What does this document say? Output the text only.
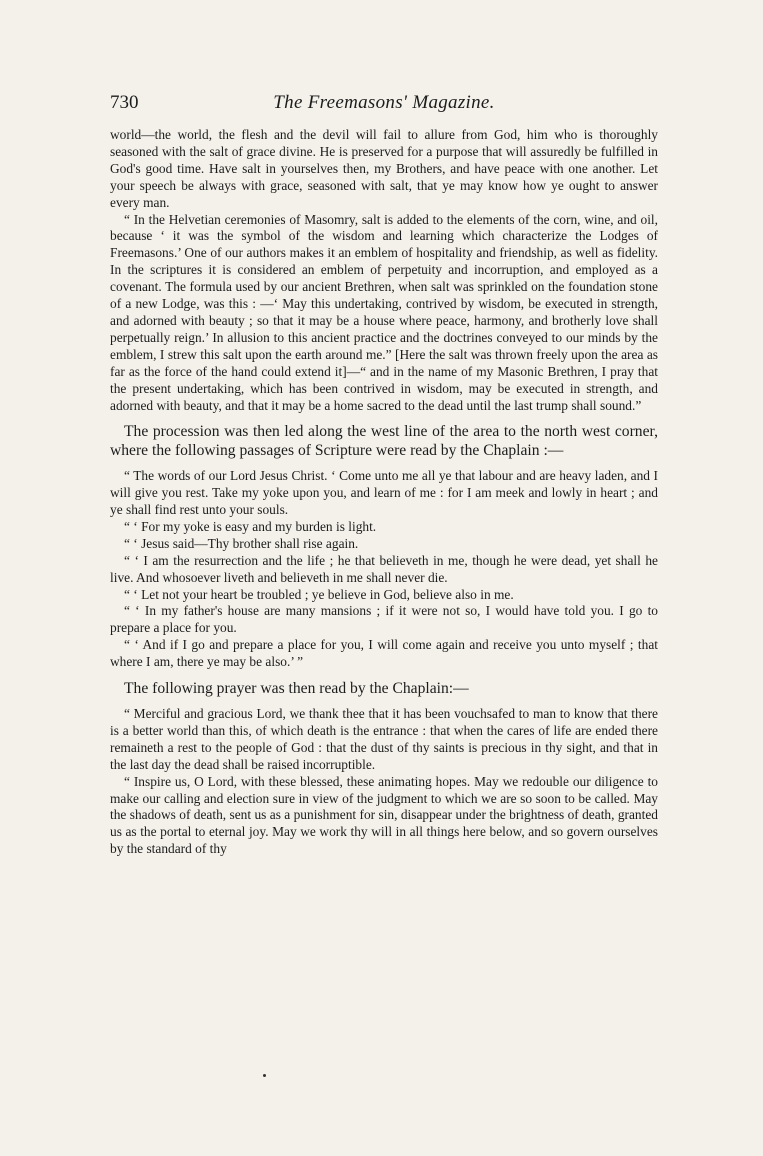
730	The Freemasons' Magazine.

world—the world, the flesh and the devil will fail to allure from God, him who is thoroughly seasoned with the salt of grace divine. He is preserved for a purpose that will assuredly be fulfilled in God's good time. Have salt in yourselves then, my Brothers, and have peace with one another. Let your speech be always with grace, seasoned with salt, that ye may know how ye ought to answer every man.

“ In the Helvetian ceremonies of Masomry, salt is added to the elements of the corn, wine, and oil, because ‘ it was the symbol of the wisdom and learning which characterize the Lodges of Freemasons.’ One of our authors makes it an emblem of hospitality and friendship, as well as fidelity. In the scriptures it is considered an emblem of perpetuity and incorruption, and employed as a covenant. The formula used by our ancient Brethren, when salt was sprinkled on the foundation stone of a new Lodge, was this : —‘ May this undertaking, contrived by wisdom, be executed in strength, and adorned with beauty ; so that it may be a house where peace, harmony, and brotherly love shall perpetually reign.’ In allusion to this ancient practice and the doctrines conveyed to our minds by the emblem, I strew this salt upon the earth around me.” [Here the salt was thrown freely upon the area as far as the force of the hand could extend it]—“ and in the name of my Masonic Brethren, I pray that the present undertaking, which has been contrived in wisdom, may be executed in strength, and adorned with beauty, and that it may be a home sacred to the dead until the last trump shall sound.”

The procession was then led along the west line of the area to the north west corner, where the following passages of Scripture were read by the Chaplain :—

“ The words of our Lord Jesus Christ. ‘ Come unto me all ye that labour and are heavy laden, and I will give you rest. Take my yoke upon you, and learn of me : for I am meek and lowly in heart ; and ye shall find rest unto your souls.

“ ‘ For my yoke is easy and my burden is light.

“ ‘ Jesus said—Thy brother shall rise again.

“ ‘ I am the resurrection and the life ; he that believeth in me, though he were dead, yet shall he live. And whosoever liveth and believeth in me shall never die.

“ ‘ Let not your heart be troubled ; ye believe in God, believe also in me.

“ ‘ In my father's house are many mansions ; if it were not so, I would have told you. I go to prepare a place for you.

“ ‘ And if I go and prepare a place for you, I will come again and receive you unto myself ; that where I am, there ye may be also.’ ”

The following prayer was then read by the Chaplain:—

“ Merciful and gracious Lord, we thank thee that it has been vouchsafed to man to know that there is a better world than this, of which death is the entrance : that when the cares of life are ended there remaineth a rest to the people of God : that the dust of thy saints is precious in thy sight, and that in the last day the dead shall be raised incorruptible.

“ Inspire us, O Lord, with these blessed, these animating hopes. May we redouble our diligence to make our calling and election sure in view of the judgment to which we are so soon to be called. May the shadows of death, sent us as a punishment for sin, disappear under the brightness of death, granted us as the portal to eternal joy. May we work thy will in all things here below, and so govern ourselves by the standard of thy
